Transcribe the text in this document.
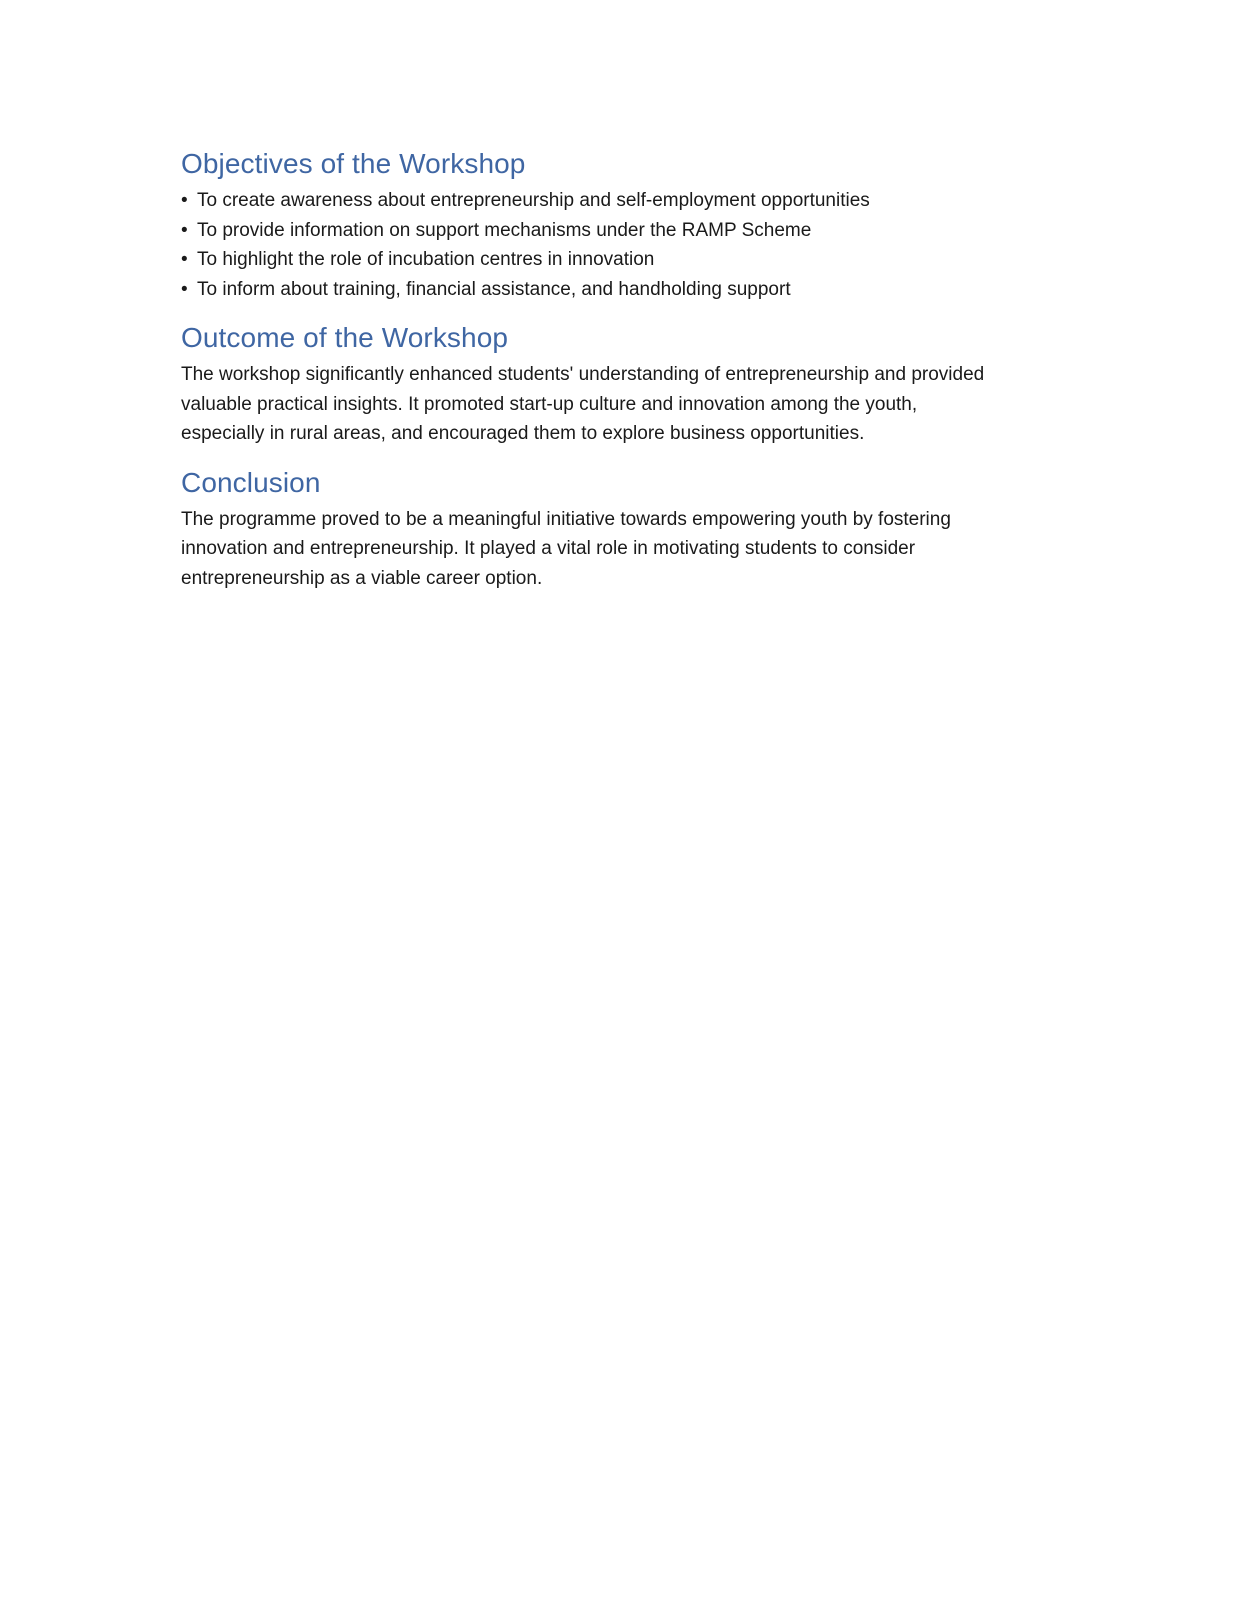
Objectives of the Workshop
• To create awareness about entrepreneurship and self-employment opportunities
• To provide information on support mechanisms under the RAMP Scheme
• To highlight the role of incubation centres in innovation
• To inform about training, financial assistance, and handholding support
Outcome of the Workshop

The workshop significantly enhanced students' understanding of entrepreneurship and provided
valuable practical insights. It promoted start-up culture and innovation among the youth,
especially in rural areas, and encouraged them to explore business opportunities.

Conclusion

The programme proved to be a meaningful initiative towards empowering youth by fostering
innovation and entrepreneurship. It played a vital role in motivating students to consider
entrepreneurship as a viable career option.
